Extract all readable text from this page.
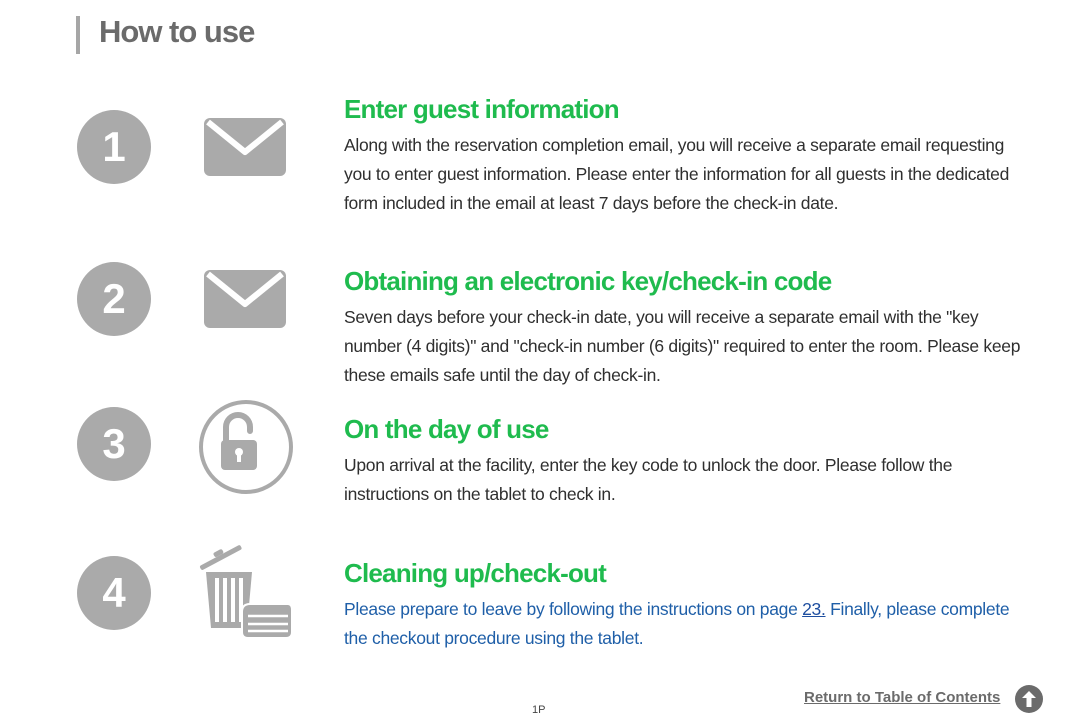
How to use
1
Enter guest information
Along with the reservation completion email, you will receive a separate email requesting you to enter guest information. Please enter the information for all guests in the dedicated form included in the email at least 7 days before the check-in date.
2	Obtaining an electronic key/check-in code
Seven days before your check-in date, you will receive a separate email with the "key number (4 digits)" and "check-in number (6 digits)" required to enter the room. Please keep these emails safe until the day of check-in.
3	On the day of use
Upon arrival at the facility, enter the key code to unlock the door. Please follow the instructions on the tablet to check in.
4	Cleaning up/check-out
Please prepare to leave by following the instructions on page 23. Finally, please complete the checkout procedure using the tablet.
1P
Return to Table of Contents
